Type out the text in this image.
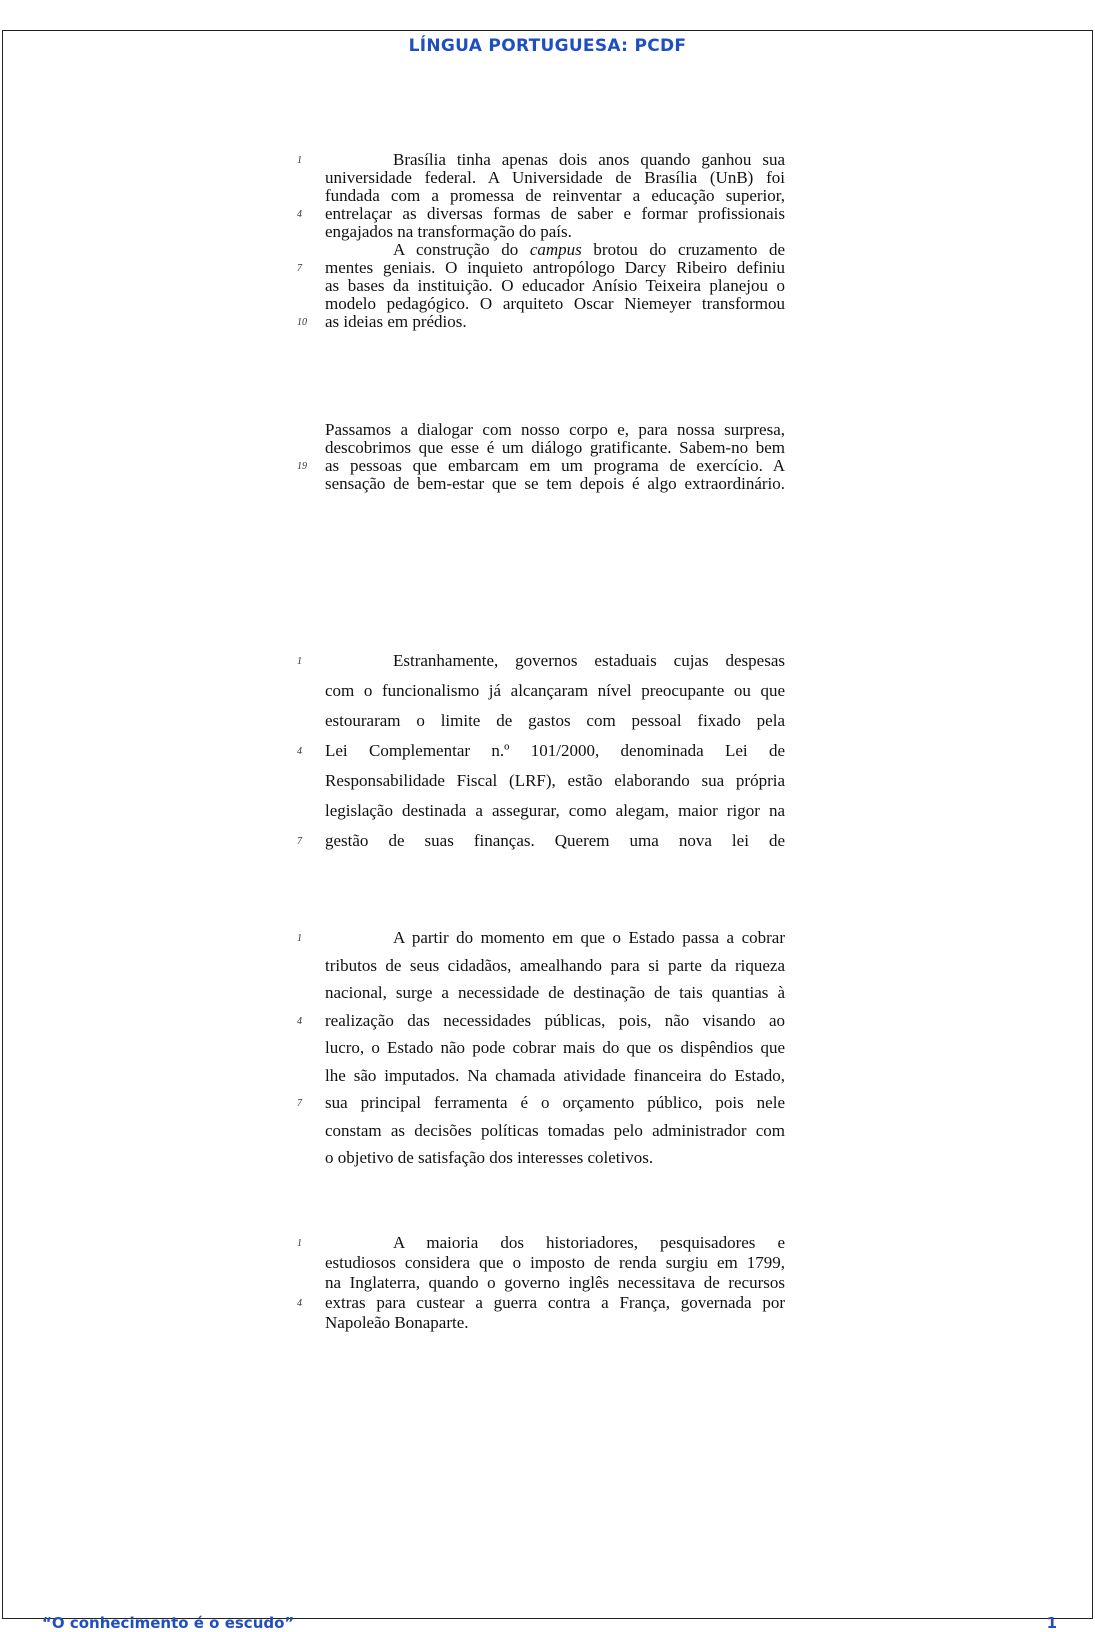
LÍNGUA PORTUGUESA: PCDF
1	Brasília tinha apenas dois anos quando ganhou sua
universidade federal. A Universidade de Brasília (UnB) foi
fundada com a promessa de reinventar a educação superior,
4	entrelaçar as diversas formas de saber e formar profissionais
engajados na transformação do país.
A construção do campus brotou do cruzamento de
7	mentes geniais. O inquieto antropólogo Darcy Ribeiro definiu
as bases da instituição. O educador Anísio Teixeira planejou o
modelo pedagógico. O arquiteto Oscar Niemeyer transformou
10	as ideias em prédios.
Passamos a dialogar com nosso corpo e, para nossa surpresa,
descobrimos que esse é um diálogo gratificante. Sabem-no bem
19	as pessoas que embarcam em um programa de exercício. A
sensação de bem-estar que se tem depois é algo extraordinário.
1	Estranhamente, governos estaduais cujas despesas
com o funcionalismo já alcançaram nível preocupante ou que
estouraram o limite de gastos com pessoal fixado pela
4	Lei Complementar n.º 101/2000, denominada Lei de
Responsabilidade Fiscal (LRF), estão elaborando sua própria
legislação destinada a assegurar, como alegam, maior rigor na
7	gestão de suas finanças. Querem uma nova lei de
1	A partir do momento em que o Estado passa a cobrar
tributos de seus cidadãos, amealhando para si parte da riqueza
nacional, surge a necessidade de destinação de tais quantias à
4	realização das necessidades públicas, pois, não visando ao
lucro, o Estado não pode cobrar mais do que os dispêndios que
lhe são imputados. Na chamada atividade financeira do Estado,
7	sua principal ferramenta é o orçamento público, pois nele
constam as decisões políticas tomadas pelo administrador com
o objetivo de satisfação dos interesses coletivos.
1	A maioria dos historiadores, pesquisadores e
estudiosos considera que o imposto de renda surgiu em 1799,
na Inglaterra, quando o governo inglês necessitava de recursos
4	extras para custear a guerra contra a França, governada por
Napoleão Bonaparte.
“O conhecimento é o escudo”	1
